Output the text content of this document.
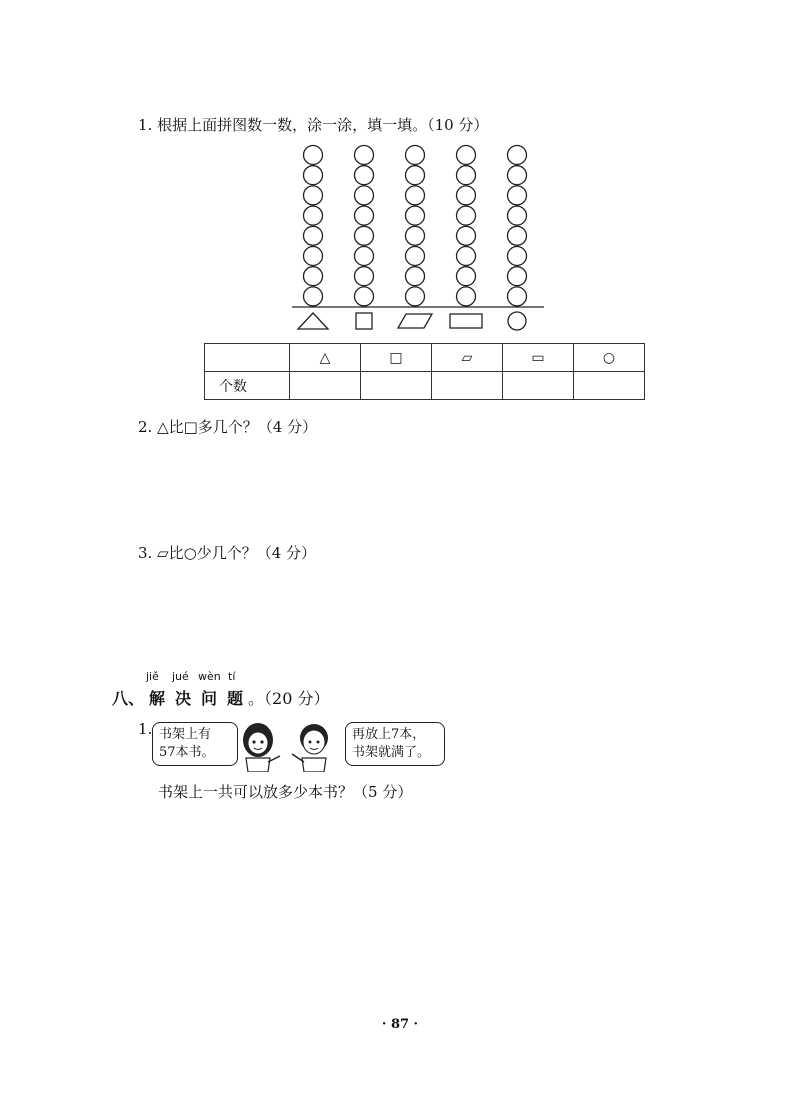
1. 根据上面拼图数一数，涂一涂，填一填。（10 分）
	△	□	▱	▭	○
个数					
2. △比□多几个？（4 分）
3. ▱比○少几个？（4 分）
jiě jué wèn tí
八、 解 决 问 题 。（20 分）
1. 书架上有
57本书。
再放上7本，
书架就满了。
书架上一共可以放多少本书？（5 分）
· 87 ·
